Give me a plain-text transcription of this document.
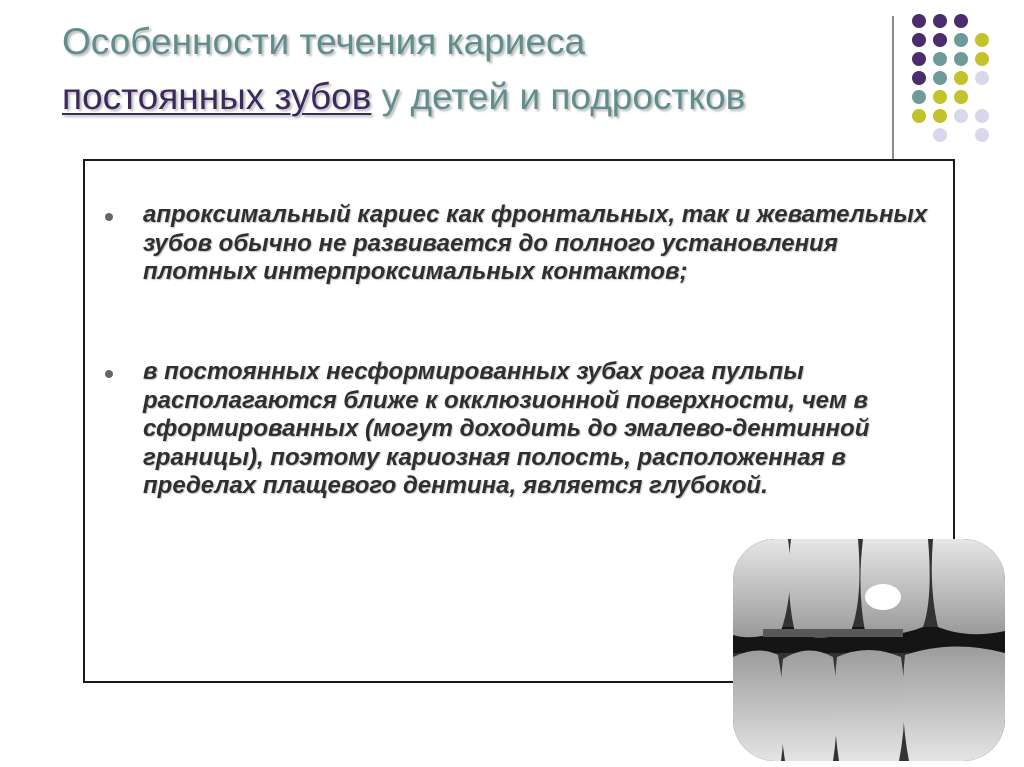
Особенности течения кариеса
постоянных зубов у детей и подростков
апроксимальный кариес как фронтальных, так и жевательных зубов обычно не развивается до полного установления плотных интерпроксимальных контактов;
в постоянных несформированных зубах рога пульпы располагаются ближе к окклюзионной поверхности, чем в сформированных (могут доходить до эмалево-дентинной границы), поэтому кариозная полость, расположенная в пределах плащевого дентина, является глубокой.
